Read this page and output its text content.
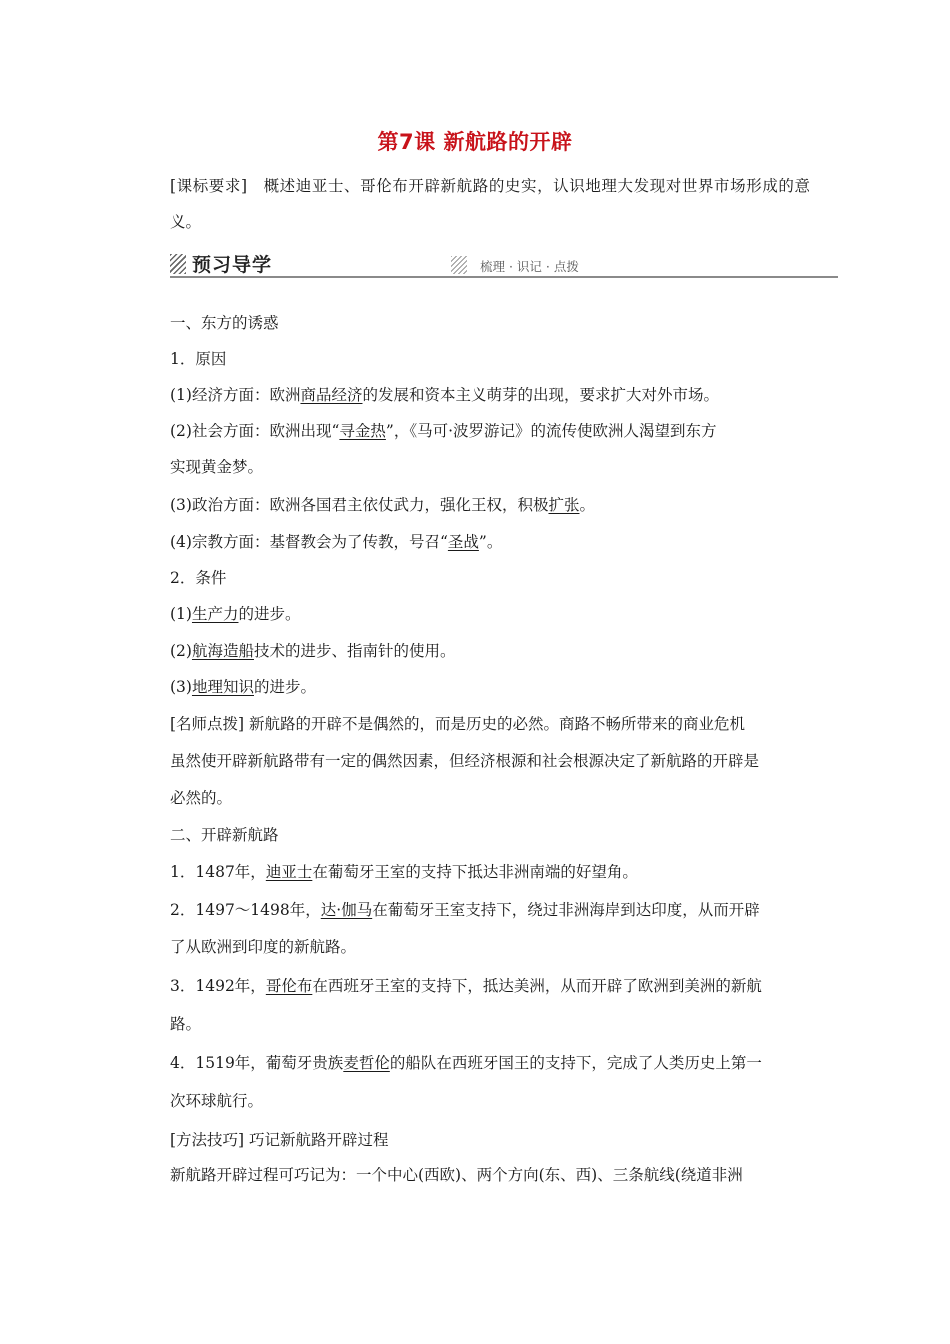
第7课 新航路的开辟
[课标要求] 概述迪亚士、哥伦布开辟新航路的史实，认识地理大发现对世界市场形成的意义。
预习导学	梳理 · 识记 · 点拨
一、东方的诱惑
1．原因
(1)经济方面：欧洲商品经济的发展和资本主义萌芽的出现，要求扩大对外市场。
(2)社会方面：欧洲出现“寻金热”，《马可·波罗游记》的流传使欧洲人渴望到东方
实现黄金梦。
(3)政治方面：欧洲各国君主依仗武力，强化王权，积极扩张。
(4)宗教方面：基督教会为了传教，号召“圣战”。
2．条件
(1)生产力的进步。
(2)航海造船技术的进步、指南针的使用。
(3)地理知识的进步。
[名师点拨] 新航路的开辟不是偶然的，而是历史的必然。商路不畅所带来的商业危机
虽然使开辟新航路带有一定的偶然因素，但经济根源和社会根源决定了新航路的开辟是
必然的。
二、开辟新航路
1．1487年，迪亚士在葡萄牙王室的支持下抵达非洲南端的好望角。
2．1497～1498年，达·伽马在葡萄牙王室支持下，绕过非洲海岸到达印度，从而开辟
了从欧洲到印度的新航路。
3．1492年，哥伦布在西班牙王室的支持下，抵达美洲，从而开辟了欧洲到美洲的新航
路。
4．1519年，葡萄牙贵族麦哲伦的船队在西班牙国王的支持下，完成了人类历史上第一
次环球航行。
[方法技巧] 巧记新航路开辟过程
新航路开辟过程可巧记为：一个中心(西欧)、两个方向(东、西)、三条航线(绕道非洲
